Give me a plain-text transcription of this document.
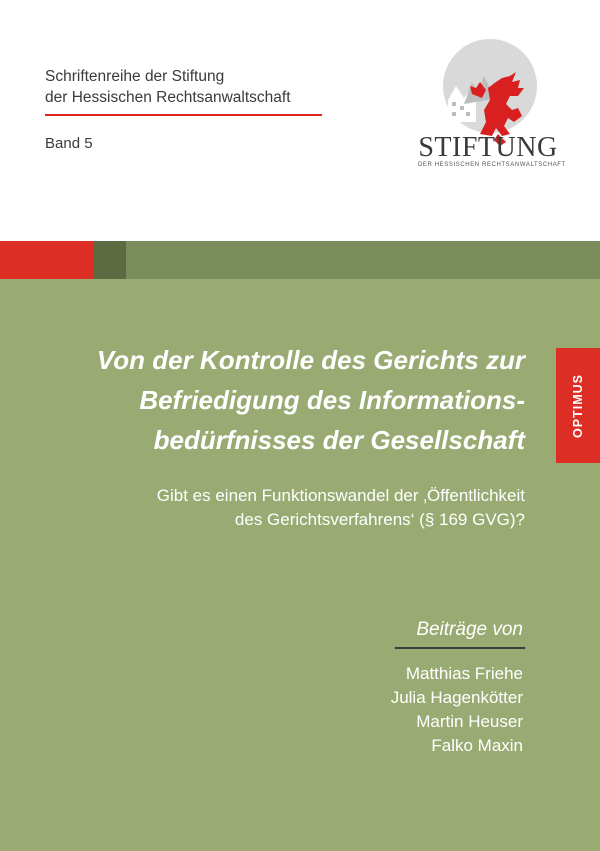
Schriftenreihe der Stiftung
der Hessischen Rechtsanwaltschaft
Band 5	STIFTUNG
DER HESSISCHEN RECHTSANWALTSCHAFT
Von der Kontrolle des Gerichts zur
Befriedigung des Informations-
bedürfnisses der Gesellschaft
Gibt es einen Funktionswandel der ‚Öffentlichkeit
des Gerichtsverfahrens‘ (§ 169 GVG)?
OPTIMUS
Beiträge von
Matthias Friehe
Julia Hagenkötter
Martin Heuser
Falko Maxin
